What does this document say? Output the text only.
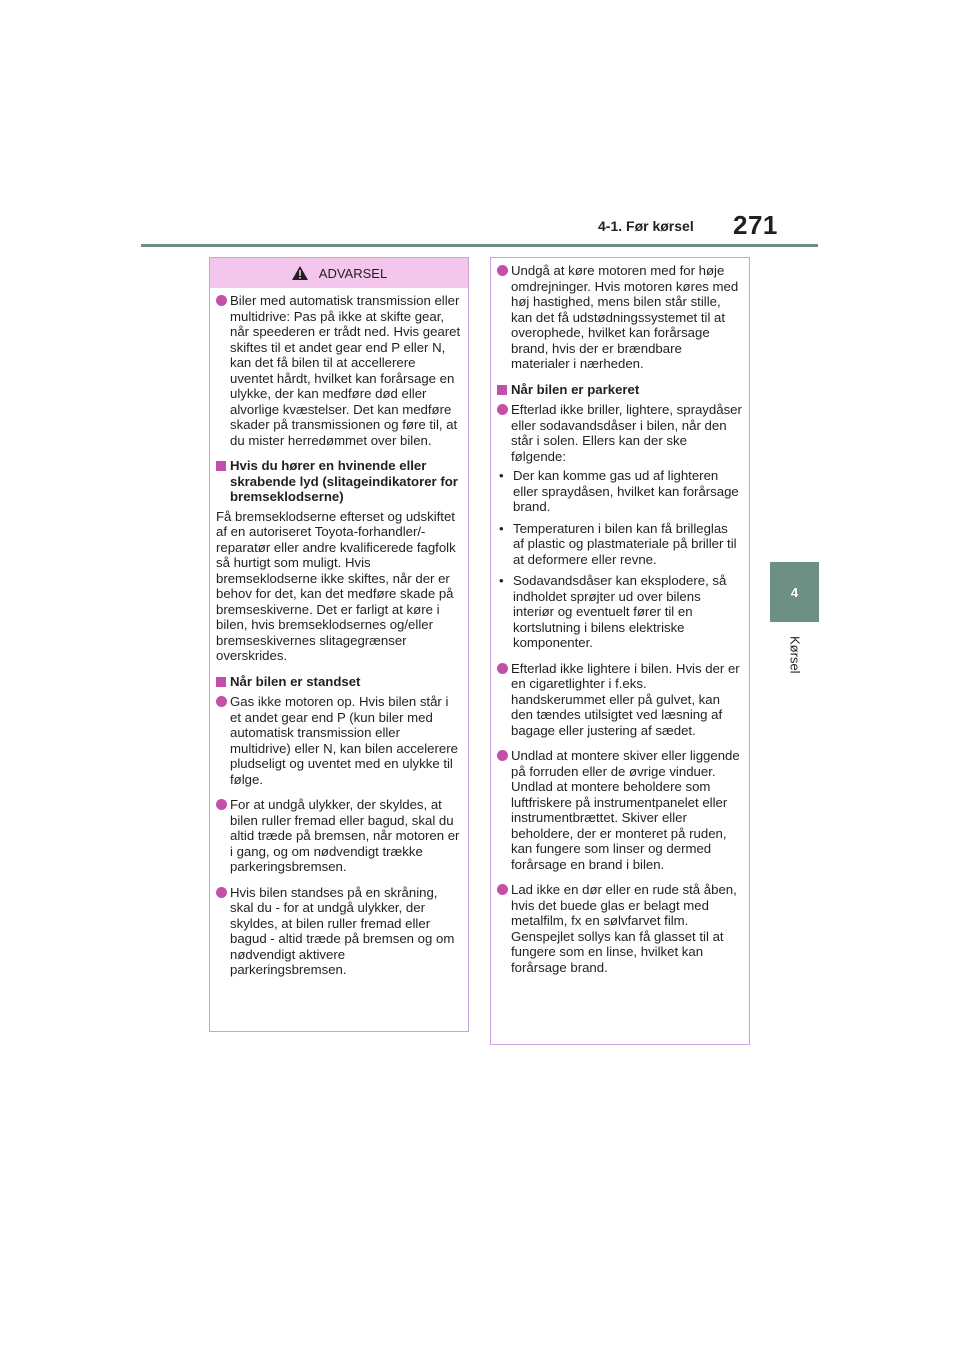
4-1. Før kørsel 271
4
Kørsel
ADVARSEL
Biler med automatisk transmission eller multidrive: Pas på ikke at skifte gear, når speederen er trådt ned. Hvis gearet skiftes til et andet gear end P eller N, kan det få bilen til at accellerere uventet hårdt, hvilket kan forårsage en ulykke, der kan medføre død eller alvorlige kvæstelser. Det kan medføre skader på transmissionen og føre til, at du mister herredømmet over bilen.
Hvis du hører en hvinende eller skrabende lyd (slitageindikatorer for bremseklodserne)
Få bremseklodserne efterset og udskiftet af en autoriseret Toyota-forhandler/-reparatør eller andre kvalificerede fagfolk så hurtigt som muligt. Hvis bremseklodserne ikke skiftes, når der er behov for det, kan det medføre skade på bremseskiverne. Det er farligt at køre i bilen, hvis bremseklodsernes og/eller bremseskivernes slitagegrænser overskrides.
Når bilen er standset
Gas ikke motoren op. Hvis bilen står i et andet gear end P (kun biler med automatisk transmission eller multidrive) eller N, kan bilen accelerere pludseligt og uventet med en ulykke til følge.
For at undgå ulykker, der skyldes, at bilen ruller fremad eller bagud, skal du altid træde på bremsen, når motoren er i gang, og om nødvendigt trække parkeringsbremsen.
Hvis bilen standses på en skråning, skal du - for at undgå ulykker, der skyldes, at bilen ruller fremad eller bagud - altid træde på bremsen og om nødvendigt aktivere parkeringsbremsen.
Undgå at køre motoren med for høje omdrejninger. Hvis motoren køres med høj hastighed, mens bilen står stille, kan det få udstødningssystemet til at overophede, hvilket kan forårsage brand, hvis der er brændbare materialer i nærheden.
Når bilen er parkeret
Efterlad ikke briller, lightere, spraydåser eller sodavandsdåser i bilen, når den står i solen. Ellers kan der ske følgende:
• Der kan komme gas ud af lighteren eller spraydåsen, hvilket kan forårsage brand.
• Temperaturen i bilen kan få brilleglas af plastic og plastmateriale på briller til at deformere eller revne.
• Sodavandsdåser kan eksplodere, så indholdet sprøjter ud over bilens interiør og eventuelt fører til en kortslutning i bilens elektriske komponenter.
Efterlad ikke lightere i bilen. Hvis der er en cigaretlighter i f.eks. handskerummet eller på gulvet, kan den tændes utilsigtet ved læsning af bagage eller justering af sædet.
Undlad at montere skiver eller liggende på forruden eller de øvrige vinduer. Undlad at montere beholdere som luftfriskere på instrumentpanelet eller instrumentbrættet. Skiver eller beholdere, der er monteret på ruden, kan fungere som linser og dermed forårsage en brand i bilen.
Lad ikke en dør eller en rude stå åben, hvis det buede glas er belagt med metalfilm, fx en sølvfarvet film. Genspejlet sollys kan få glasset til at fungere som en linse, hvilket kan forårsage brand.
